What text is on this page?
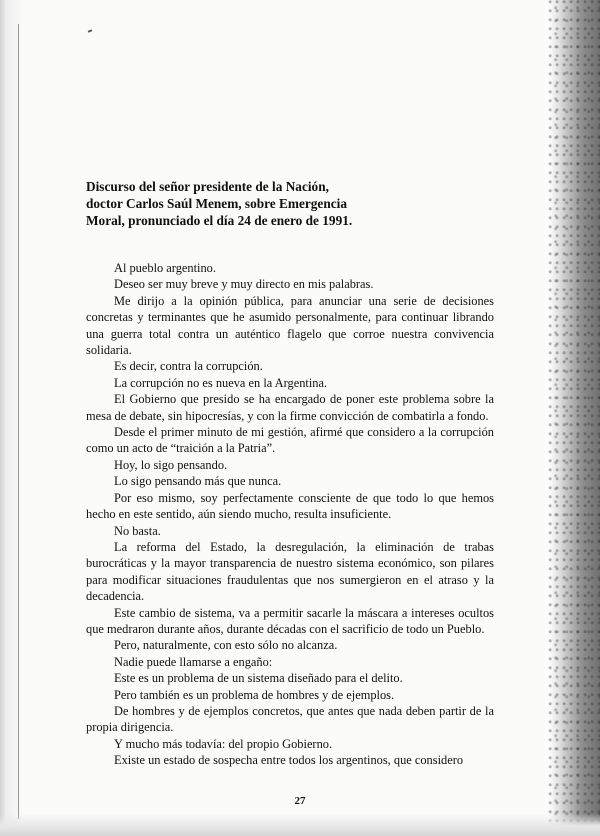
Discurso del señor presidente de la Nación,
doctor Carlos Saúl Menem, sobre Emergencia
Moral, pronunciado el día 24 de enero de 1991.

Al pueblo argentino.

Deseo ser muy breve y muy directo en mis palabras.

Me dirijo a la opinión pública, para anunciar una serie de decisiones concretas y terminantes que he asumido personalmente, para continuar librando una guerra total contra un auténtico flagelo que corroe nuestra convivencia solidaria.

Es decir, contra la corrupción.

La corrupción no es nueva en la Argentina.

El Gobierno que presido se ha encargado de poner este problema sobre la mesa de debate, sin hipocresías, y con la firme convicción de combatirla a fondo.

Desde el primer minuto de mi gestión, afirmé que considero a la corrupción como un acto de “traición a la Patria”.

Hoy, lo sigo pensando.

Lo sigo pensando más que nunca.

Por eso mismo, soy perfectamente consciente de que todo lo que hemos hecho en este sentido, aún siendo mucho, resulta insuficiente.

No basta.

La reforma del Estado, la desregulación, la eliminación de trabas burocráticas y la mayor transparencia de nuestro sistema económico, son pilares para modificar situaciones fraudulentas que nos sumergieron en el atraso y la decadencia.

Este cambio de sistema, va a permitir sacarle la máscara a intereses ocultos que medraron durante años, durante décadas con el sacrificio de todo un Pueblo.

Pero, naturalmente, con esto sólo no alcanza.

Nadie puede llamarse a engaño:

Este es un problema de un sistema diseñado para el delito.

Pero también es un problema de hombres y de ejemplos.

De hombres y de ejemplos concretos, que antes que nada deben partir de la propia dirigencia.

Y mucho más todavía: del propio Gobierno.

Existe un estado de sospecha entre todos los argentinos, que considero

27
